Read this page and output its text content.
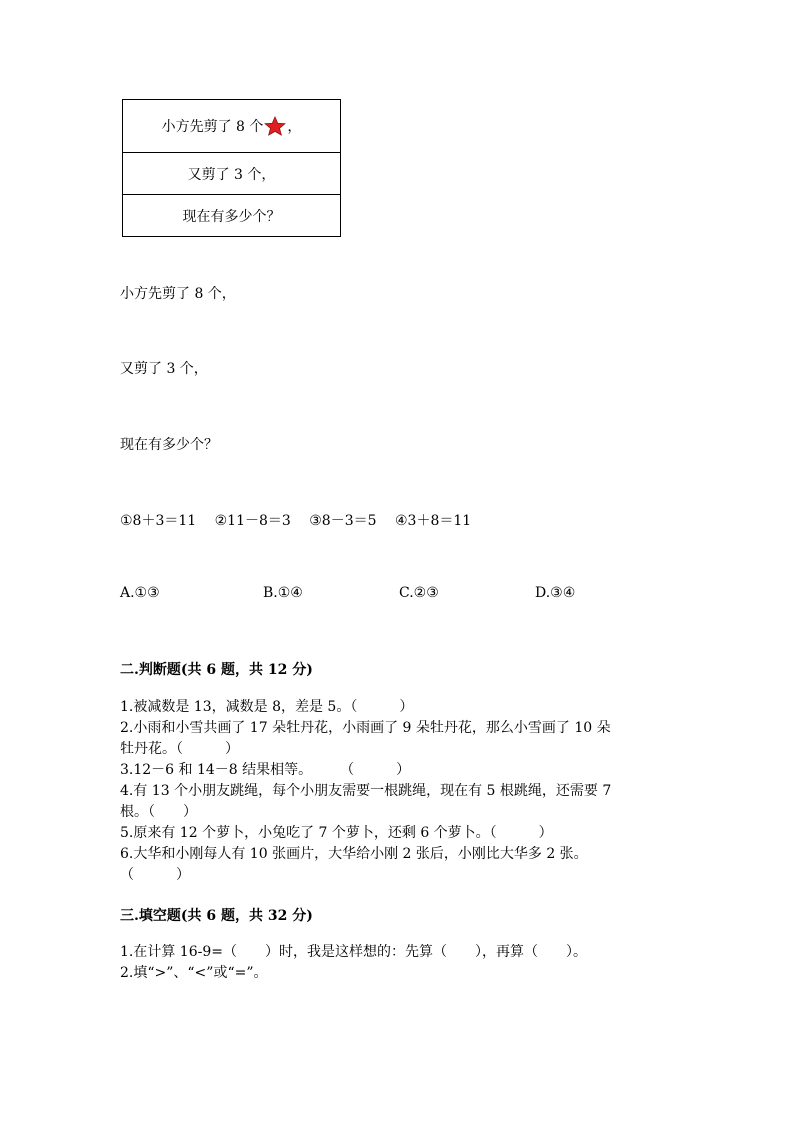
小方先剪了 8 个 ，
又剪了 3 个，
现在有多少个？
小方先剪了 8 个，
又剪了 3 个，
现在有多少个？
①8＋3＝11　 ②11－8＝3　 ③8－3＝5　 ④3＋8＝11
A.①③	B.①④	C.②③	D.③④
二.判断题(共 6 题，共 12 分)
1.被减数是 13，减数是 8，差是 5。（　　　）
2.小雨和小雪共画了 17 朵牡丹花，小雨画了 9 朵牡丹花，那么小雪画了 10 朵
牡丹花。（　　　）
3.12－6 和 14－8 结果相等。　　　（　　　）
4.有 13 个小朋友跳绳，每个小朋友需要一根跳绳，现在有 5 根跳绳，还需要 7
根。（　　）
5.原来有 12 个萝卜，小兔吃了 7 个萝卜，还剩 6 个萝卜。（　　　）
6.大华和小刚每人有 10 张画片，大华给小刚 2 张后，小刚比大华多 2 张。
（　　　）
三.填空题(共 6 题，共 32 分)
1.在计算 16-9=（　　）时，我是这样想的：先算（　　），再算（　　）。
2.填“>”、“<”或“=”。
